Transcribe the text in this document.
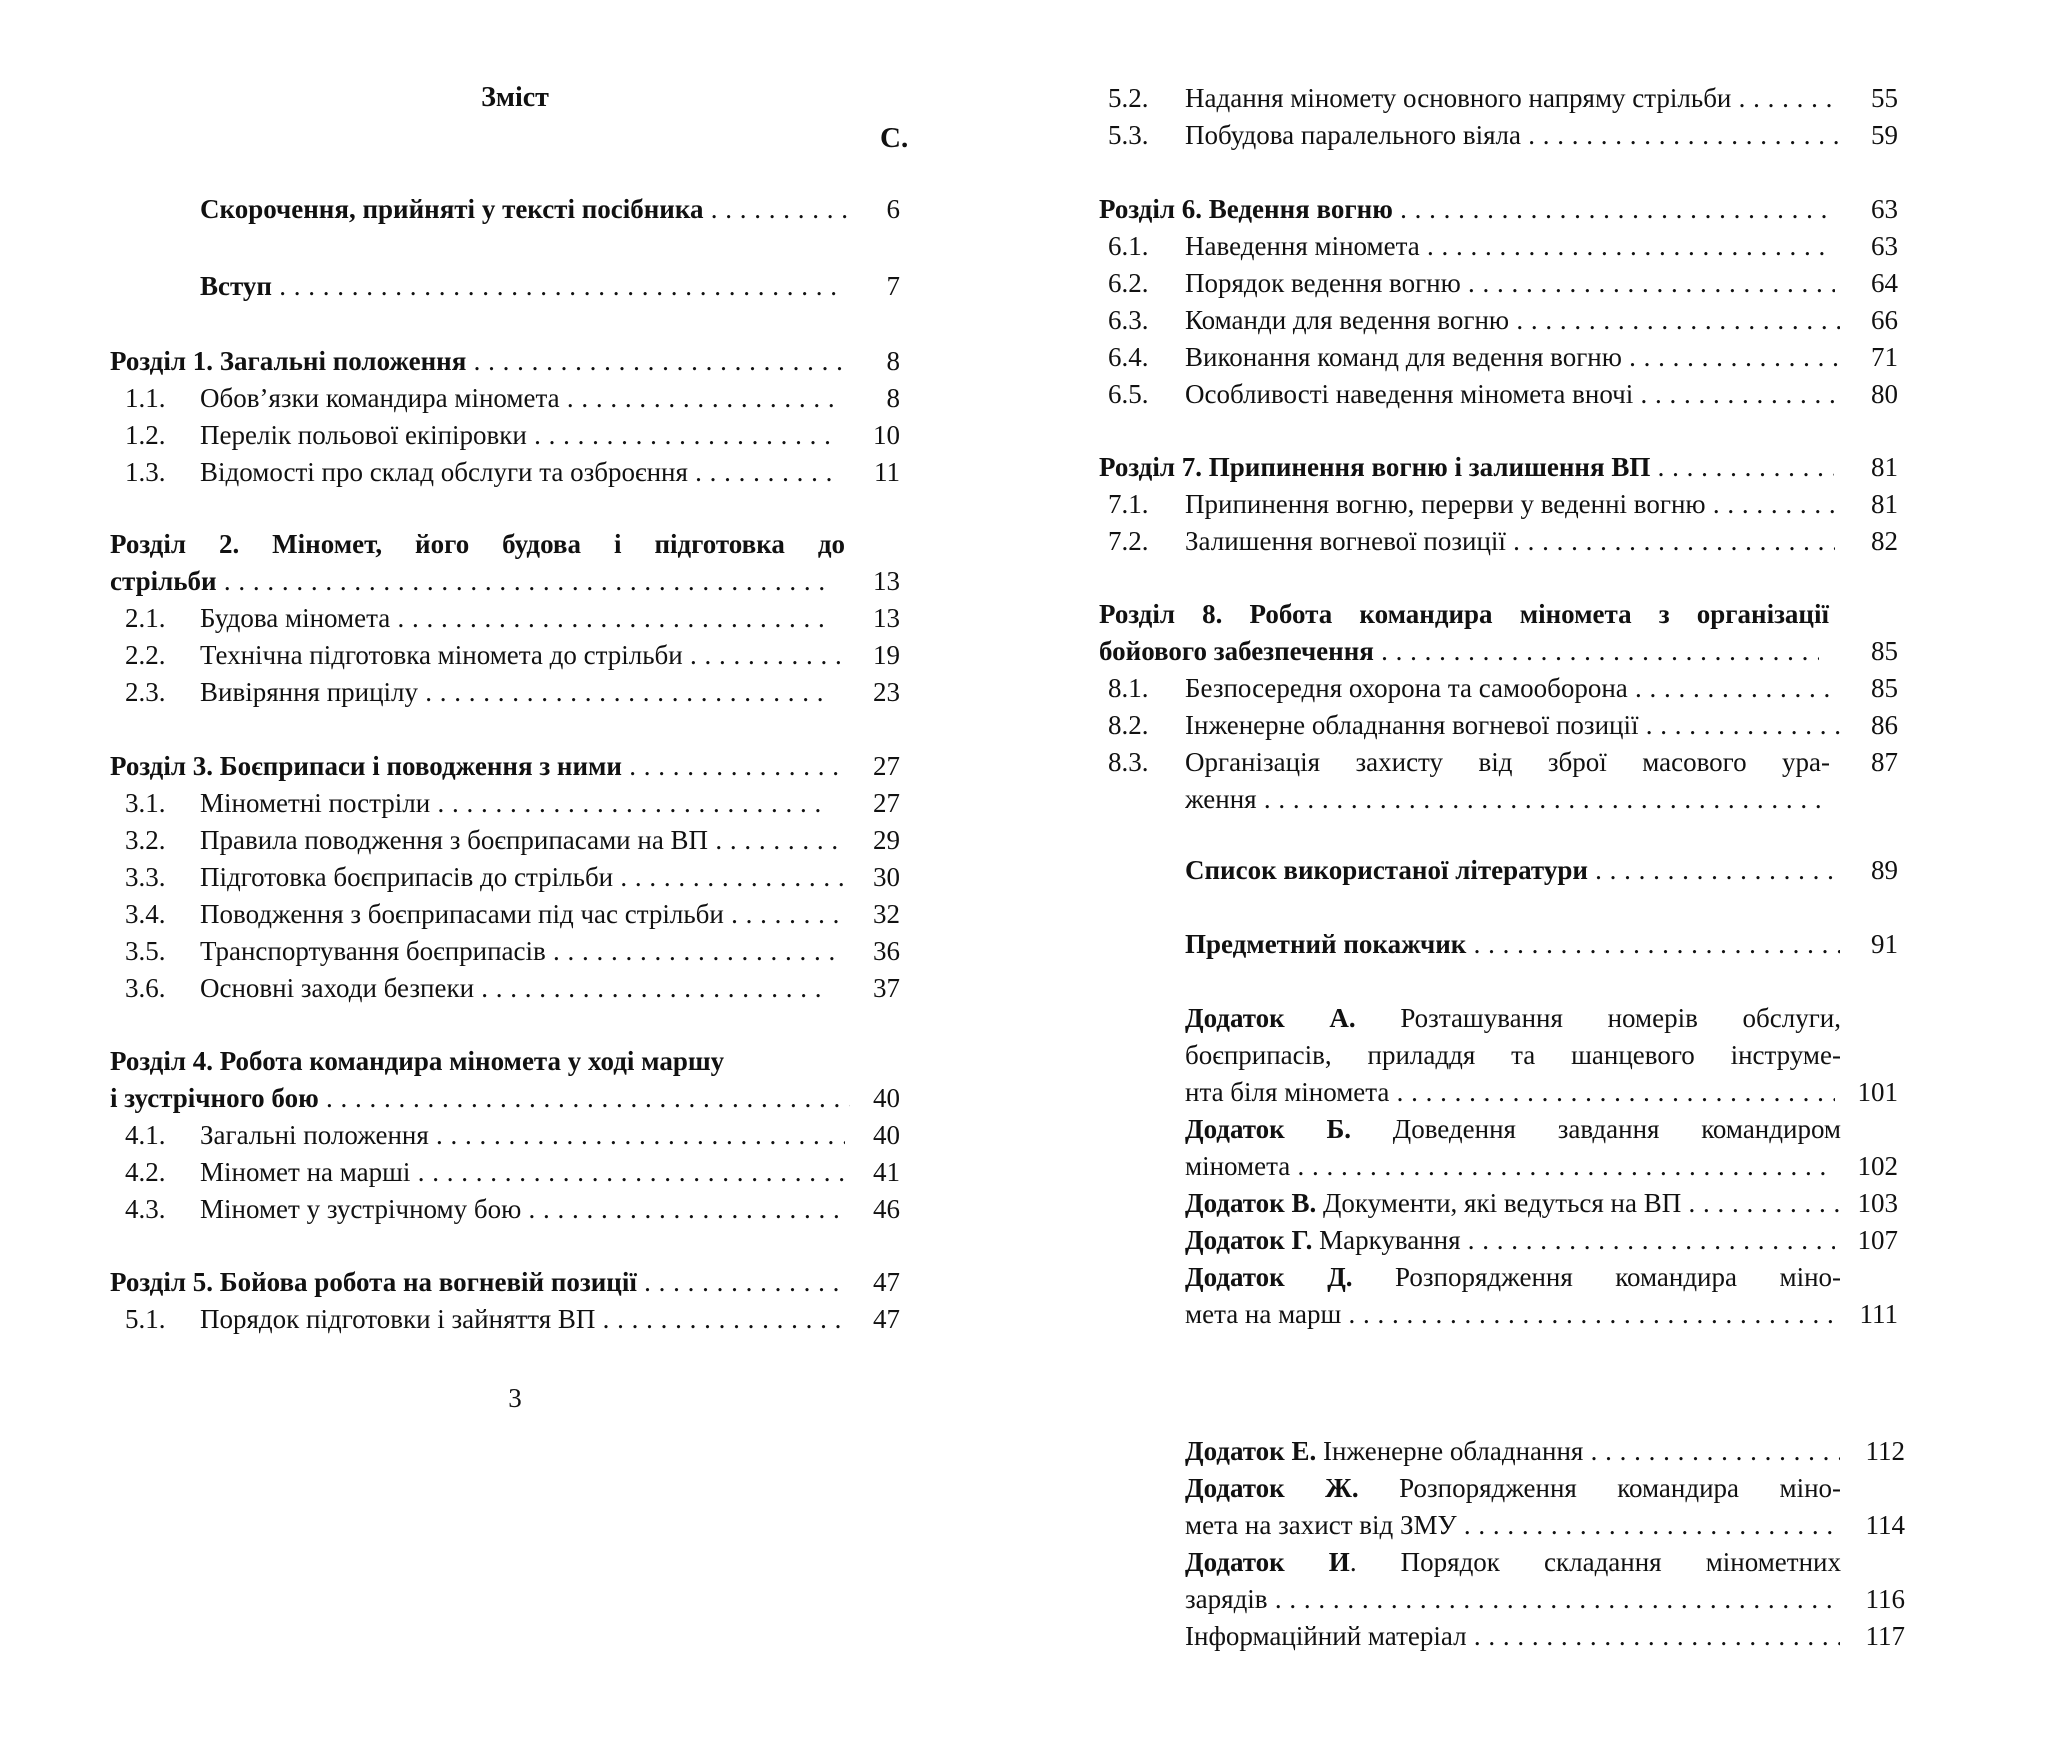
Зміст
С.
Скорочення, прийняті у тексті посібника . . .	6
Вступ . . .	7
Розділ 1. Загальні положення . . .	8
1.1.	Обов’язки командира міномета . . .	8
1.2.	Перелік польової екіпіровки . . .	10
1.3.	Відомості про склад обслуги та озброєння . . .	11
Розділ 2. Міномет, його будова і підготовка до
стрільби . . .	13
2.1.	Будова міномета . . .	13
2.2.	Технічна підготовка міномета до стрільби . . .	19
2.3.	Вивіряння прицілу . . .	23
Розділ 3. Боєприпаси і поводження з ними . . .	27
3.1.	Мінометні постріли . . .	27
3.2.	Правила поводження з боєприпасами на ВП . . .	29
3.3.	Підготовка боєприпасів до стрільби . . .	30
3.4.	Поводження з боєприпасами під час стрільби . . .	32
3.5.	Транспортування боєприпасів . . .	36
3.6.	Основні заходи безпеки . . .	37
Розділ 4. Робота командира міномета у ході маршу
і зустрічного бою . . .	40
4.1.	Загальні положення . . .	40
4.2.	Міномет на марші . . .	41
4.3.	Міномет у зустрічному бою . . .	46
Розділ 5. Бойова робота на вогневій позиції . . .	47
5.1.	Порядок підготовки і зайняття ВП . . .	47
3
5.2.	Надання міномету основного напряму стрільби . . .	55
5.3.	Побудова паралельного віяла . . .	59
Розділ 6. Ведення вогню . . .	63
6.1.	Наведення міномета . . .	63
6.2.	Порядок ведення вогню . . .	64
6.3.	Команди для ведення вогню . . .	66
6.4.	Виконання команд для ведення вогню . . .	71
6.5.	Особливості наведення міномета вночі . . .	80
Розділ 7. Припинення вогню і залишення ВП . . .	81
7.1.	Припинення вогню, перерви у веденні вогню . . .	81
7.2.	Залишення вогневої позиції . . .	82
Розділ 8. Робота командира міномета з організації
бойового забезпечення . . .	85
8.1.	Безпосередня охорона та самооборона . . .	85
8.2.	Інженерне обладнання вогневої позиції . . .	86
8.3.	Організація захисту від зброї масового ура-	87
ження . . .
Список використаної літератури . . .	89
Предметний покажчик . . .	91
Додаток А. Розташування номерів обслуги,
боєприпасів, приладдя та шанцевого інструме-
нта біля міномета . . .	101
Додаток Б. Доведення завдання командиром
міномета . . .	102
Додаток В. Документи, які ведуться на ВП . . .	103
Додаток Г. Маркування . . .	107
Додаток Д. Розпорядження командира міно-
мета на марш . . .	111
Додаток Е. Інженерне обладнання . . .	112
Додаток Ж. Розпорядження командира міно-
мета на захист від ЗМУ . . .	114
Додаток И. Порядок складання мінометних
зарядів . . .	116
Інформаційний матеріал . . .	117
